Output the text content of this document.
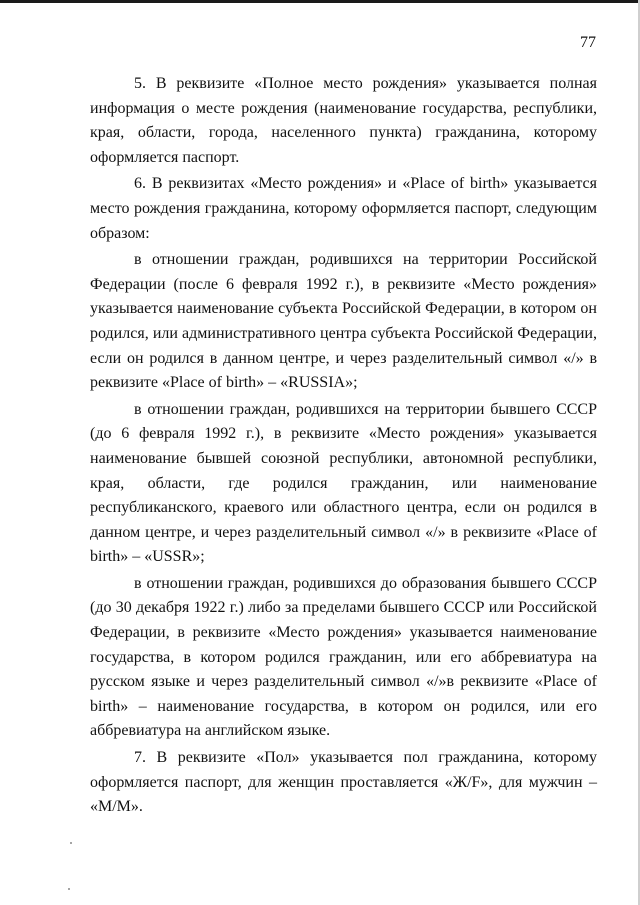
77

5. В реквизите «Полное место рождения» указывается полная информация о месте рождения (наименование государства, республики, края, области, города, населенного пункта) гражданина, которому оформляется паспорт.

6. В реквизитах «Место рождения» и «Place of birth» указывается место рождения гражданина, которому оформляется паспорт, следующим образом:

в отношении граждан, родившихся на территории Российской Федерации (после 6 февраля 1992 г.), в реквизите «Место рождения» указывается наименование субъекта Российской Федерации, в котором он родился, или административного центра субъекта Российской Федерации, если он родился в данном центре, и через разделительный символ «/» в реквизите «Place of birth» – «RUSSIA»;

в отношении граждан, родившихся на территории бывшего СССР (до 6 февраля 1992 г.), в реквизите «Место рождения» указывается наименование бывшей союзной республики, автономной республики, края, области, где родился гражданин, или наименование республиканского, краевого или областного центра, если он родился в данном центре, и через разделительный символ «/» в реквизите «Place of birth» – «USSR»;

в отношении граждан, родившихся до образования бывшего СССР (до 30 декабря 1922 г.) либо за пределами бывшего СССР или Российской Федерации, в реквизите «Место рождения» указывается наименование государства, в котором родился гражданин, или его аббревиатура на русском языке и через разделительный символ «/»в реквизите «Place of birth» – наименование государства, в котором он родился, или его аббревиатура на английском языке.

7. В реквизите «Пол» указывается пол гражданина, которому оформляется паспорт, для женщин проставляется «Ж/F», для мужчин – «M/M».
